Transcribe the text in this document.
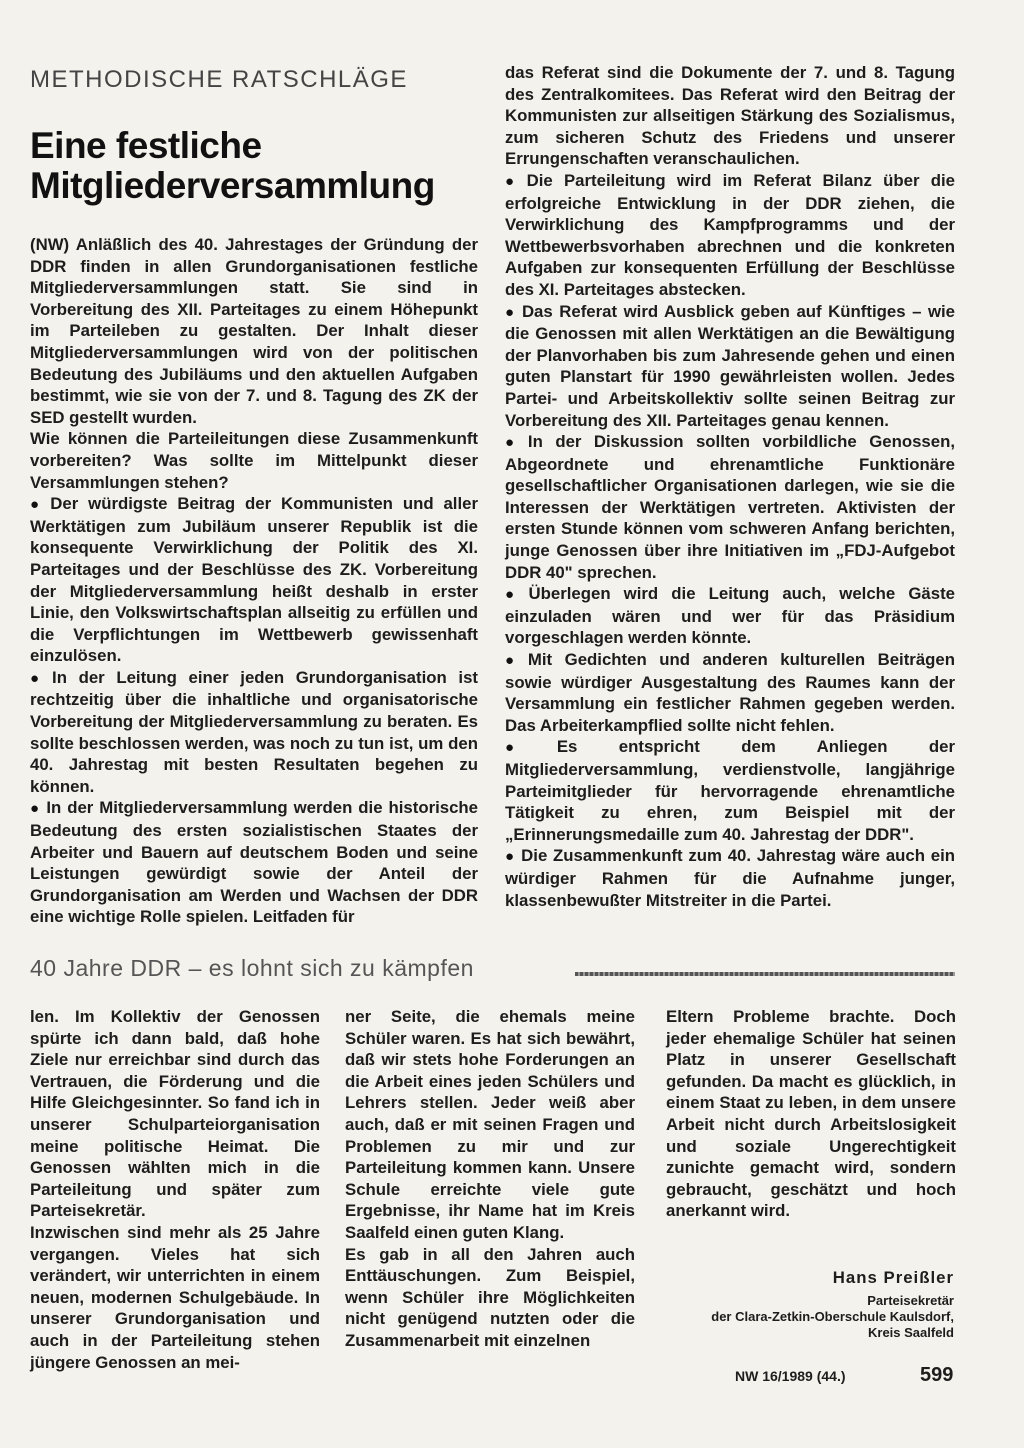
METHODISCHE RATSCHLÄGE
Eine festliche
Mitgliederversammlung

(NW) Anläßlich des 40. Jahrestages der Gründung der DDR finden in allen Grundorganisationen festliche Mitgliederversammlungen statt. Sie sind in Vorbereitung des XII. Parteitages zu einem Höhepunkt im Parteileben zu gestalten. Der Inhalt dieser Mitgliederversammlungen wird von der politischen Bedeutung des Jubiläums und den aktuellen Aufgaben bestimmt, wie sie von der 7. und 8. Tagung des ZK der SED gestellt wurden.

Wie können die Parteileitungen diese Zusammenkunft vorbereiten? Was sollte im Mittelpunkt dieser Versammlungen stehen?

● Der würdigste Beitrag der Kommunisten und aller Werktätigen zum Jubiläum unserer Republik ist die konsequente Verwirklichung der Politik des XI. Parteitages und der Beschlüsse des ZK. Vorbereitung der Mitgliederversammlung heißt deshalb in erster Linie, den Volkswirtschaftsplan allseitig zu erfüllen und die Verpflichtungen im Wettbewerb gewissenhaft einzulösen.

● In der Leitung einer jeden Grundorganisation ist rechtzeitig über die inhaltliche und organisatorische Vorbereitung der Mitgliederversammlung zu beraten. Es sollte beschlossen werden, was noch zu tun ist, um den 40. Jahrestag mit besten Resultaten begehen zu können.

● In der Mitgliederversammlung werden die historische Bedeutung des ersten sozialistischen Staates der Arbeiter und Bauern auf deutschem Boden und seine Leistungen gewürdigt sowie der Anteil der Grundorganisation am Werden und Wachsen der DDR eine wichtige Rolle spielen. Leitfaden für

das Referat sind die Dokumente der 7. und 8. Tagung des Zentralkomitees. Das Referat wird den Beitrag der Kommunisten zur allseitigen Stärkung des Sozialismus, zum sicheren Schutz des Friedens und unserer Errungenschaften veranschaulichen.

● Die Parteileitung wird im Referat Bilanz über die erfolgreiche Entwicklung in der DDR ziehen, die Verwirklichung des Kampfprogramms und der Wettbewerbsvorhaben abrechnen und die konkreten Aufgaben zur konsequenten Erfüllung der Beschlüsse des XI. Parteitages abstecken.

● Das Referat wird Ausblick geben auf Künftiges – wie die Genossen mit allen Werktätigen an die Bewältigung der Planvorhaben bis zum Jahresende gehen und einen guten Planstart für 1990 gewährleisten wollen. Jedes Partei- und Arbeitskollektiv sollte seinen Beitrag zur Vorbereitung des XII. Parteitages genau kennen.

● In der Diskussion sollten vorbildliche Genossen, Abgeordnete und ehrenamtliche Funktionäre gesellschaftlicher Organisationen darlegen, wie sie die Interessen der Werktätigen vertreten. Aktivisten der ersten Stunde können vom schweren Anfang berichten, junge Genossen über ihre Initiativen im „FDJ-Aufgebot DDR 40" sprechen.

● Überlegen wird die Leitung auch, welche Gäste einzuladen wären und wer für das Präsidium vorgeschlagen werden könnte.

● Mit Gedichten und anderen kulturellen Beiträgen sowie würdiger Ausgestaltung des Raumes kann der Versammlung ein festlicher Rahmen gegeben werden. Das Arbeiterkampflied sollte nicht fehlen.

● Es entspricht dem Anliegen der Mitgliederversammlung, verdienstvolle, langjährige Parteimitglieder für hervorragende ehrenamtliche Tätigkeit zu ehren, zum Beispiel mit der „Erinnerungsmedaille zum 40. Jahrestag der DDR".

● Die Zusammenkunft zum 40. Jahrestag wäre auch ein würdiger Rahmen für die Aufnahme junger, klassenbewußter Mitstreiter in die Partei.

40 Jahre DDR – es lohnt sich zu kämpfen

len. Im Kollektiv der Genossen spürte ich dann bald, daß hohe Ziele nur erreichbar sind durch das Vertrauen, die Förderung und die Hilfe Gleichgesinnter. So fand ich in unserer Schulparteiorganisation meine politische Heimat. Die Genossen wählten mich in die Parteileitung und später zum Parteisekretär.

Inzwischen sind mehr als 25 Jahre vergangen. Vieles hat sich verändert, wir unterrichten in einem neuen, modernen Schulgebäude. In unserer Grundorganisation und auch in der Parteileitung stehen jüngere Genossen an mei-

ner Seite, die ehemals meine Schüler waren. Es hat sich bewährt, daß wir stets hohe Forderungen an die Arbeit eines jeden Schülers und Lehrers stellen. Jeder weiß aber auch, daß er mit seinen Fragen und Problemen zu mir und zur Parteileitung kommen kann. Unsere Schule erreichte viele gute Ergebnisse, ihr Name hat im Kreis Saalfeld einen guten Klang.

Es gab in all den Jahren auch Enttäuschungen. Zum Beispiel, wenn Schüler ihre Möglichkeiten nicht genügend nutzten oder die Zusammenarbeit mit einzelnen

Eltern Probleme brachte. Doch jeder ehemalige Schüler hat seinen Platz in unserer Gesellschaft gefunden. Da macht es glücklich, in einem Staat zu leben, in dem unsere Arbeit nicht durch Arbeitslosigkeit und soziale Ungerechtigkeit zunichte gemacht wird, sondern gebraucht, geschätzt und hoch anerkannt wird.

Hans Preißler
Parteisekretär
der Clara-Zetkin-Oberschule Kaulsdorf,
Kreis Saalfeld
NW 16/1989 (44.)	599
